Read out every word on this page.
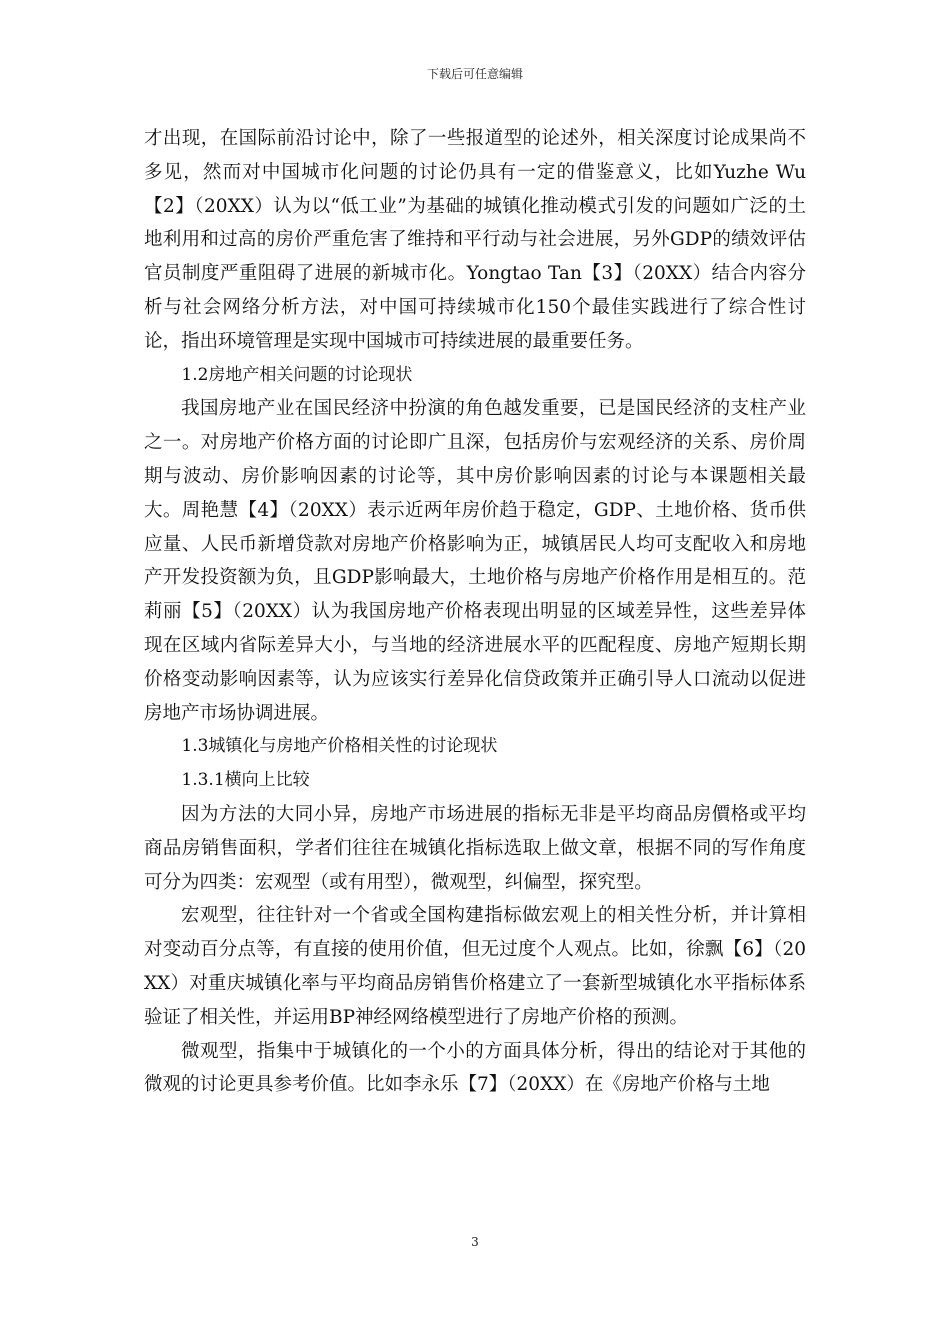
下载后可任意编辑

才出现，在国际前沿讨论中，除了一些报道型的论述外，相关深度讨论成果尚不多见，然而对中国城市化问题的讨论仍具有一定的借鉴意义，比如Yuzhe Wu【2】（20XX）认为以“低工业”为基础的城镇化推动模式引发的问题如广泛的土地利用和过高的房价严重危害了维持和平行动与社会进展，另外GDP的绩效评估官员制度严重阻碍了进展的新城市化。Yongtao Tan【3】（20XX）结合内容分析与社会网络分析方法，对中国可持续城市化150个最佳实践进行了综合性讨论，指出环境管理是实现中国城市可持续进展的最重要任务。

1.2房地产相关问题的讨论现状

我国房地产业在国民经济中扮演的角色越发重要，已是国民经济的支柱产业之一。对房地产价格方面的讨论即广且深，包括房价与宏观经济的关系、房价周期与波动、房价影响因素的讨论等，其中房价影响因素的讨论与本课题相关最大。周艳慧【4】（20XX）表示近两年房价趋于稳定，GDP、土地价格、货币供应量、人民币新增贷款对房地产价格影响为正，城镇居民人均可支配收入和房地产开发投资额为负，且GDP影响最大，土地价格与房地产价格作用是相互的。范莉丽【5】（20XX）认为我国房地产价格表现出明显的区域差异性，这些差异体现在区域内省际差异大小，与当地的经济进展水平的匹配程度、房地产短期长期价格变动影响因素等，认为应该实行差异化信贷政策并正确引导人口流动以促进房地产市场协调进展。

1.3城镇化与房地产价格相关性的讨论现状

1.3.1横向上比较

因为方法的大同小异，房地产市场进展的指标无非是平均商品房價格或平均商品房销售面积，学者们往往在城镇化指标选取上做文章，根据不同的写作角度可分为四类：宏观型（或有用型），微观型，纠偏型，探究型。

宏观型，往往针对一个省或全国构建指标做宏观上的相关性分析，并计算相对变动百分点等，有直接的使用价值，但无过度个人观点。比如，徐飘【6】（20XX）对重庆城镇化率与平均商品房销售价格建立了一套新型城镇化水平指标体系验证了相关性，并运用BP神经网络模型进行了房地产价格的预测。

微观型，指集中于城镇化的一个小的方面具体分析，得出的结论对于其他的微观的讨论更具参考价值。比如李永乐【7】（20XX）在《房地产价格与土地

3
